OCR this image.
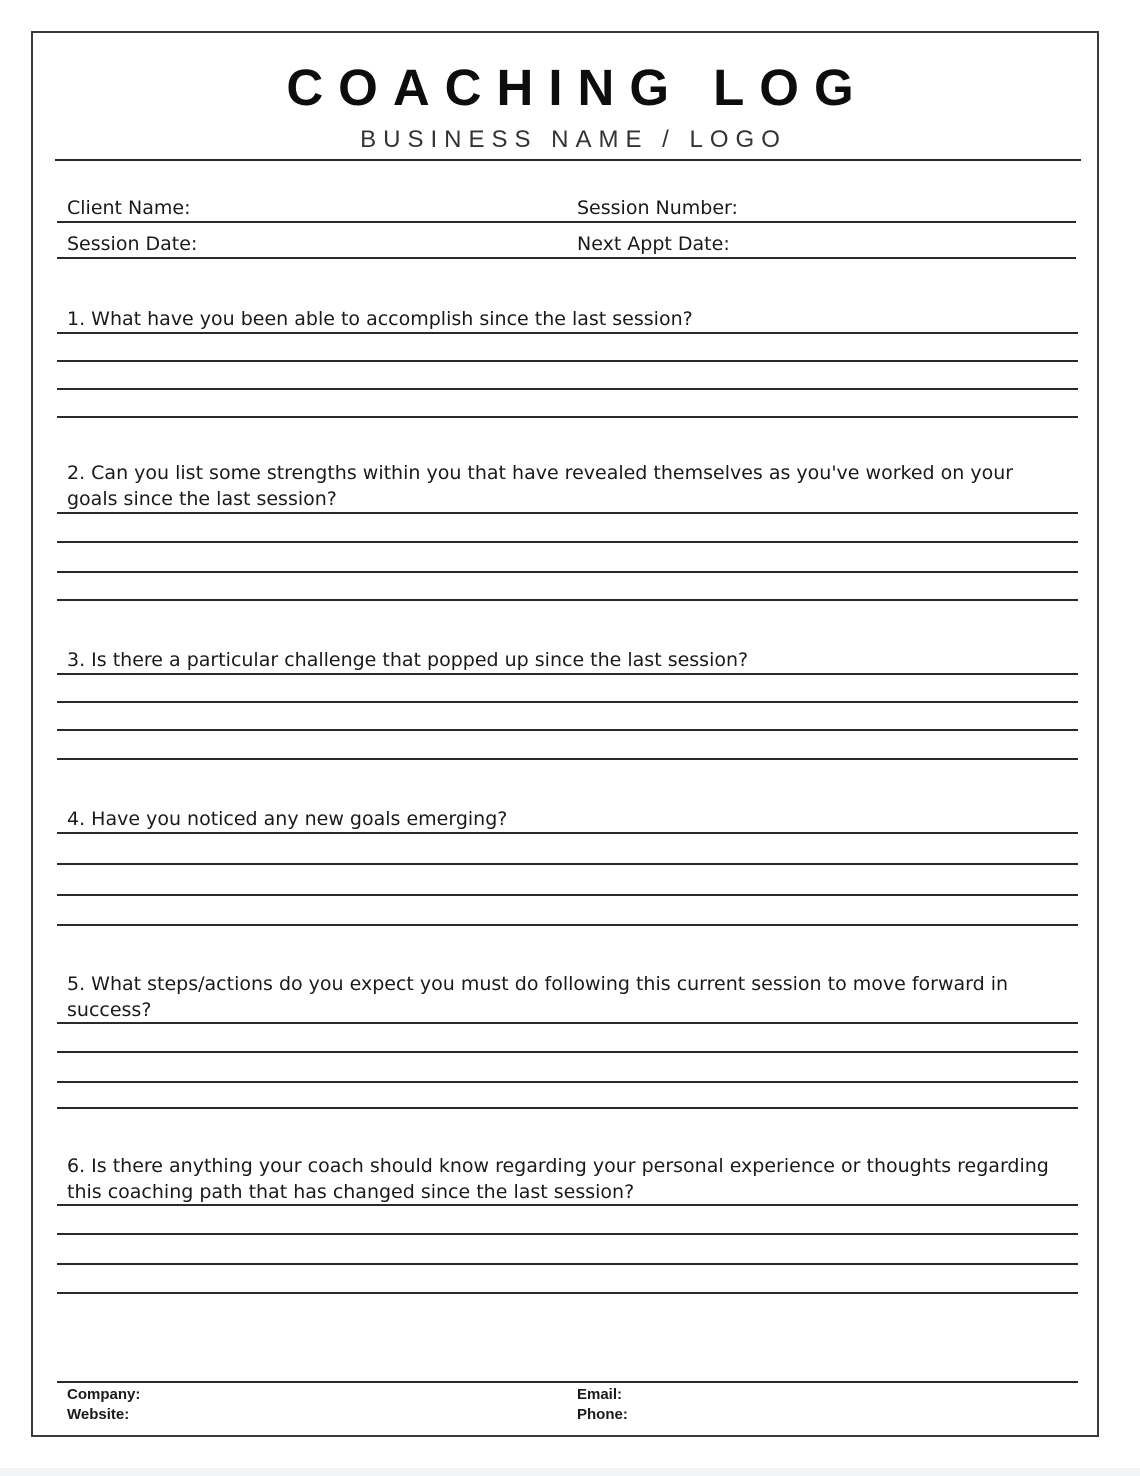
COACHING LOG
BUSINESS NAME / LOGO
Client Name:	Session Number:
Session Date:	Next Appt Date:
1. What have you been able to accomplish since the last session?
2. Can you list some strengths within you that have revealed themselves as you've worked on your goals since the last session?
3. Is there a particular challenge that popped up since the last session?
4. Have you noticed any new goals emerging?
5. What steps/actions do you expect you must do following this current session to move forward in success?
6. Is there anything your coach should know regarding your personal experience or thoughts regarding this coaching path that has changed since the last session?
Company:
Website:
Email:
Phone:
